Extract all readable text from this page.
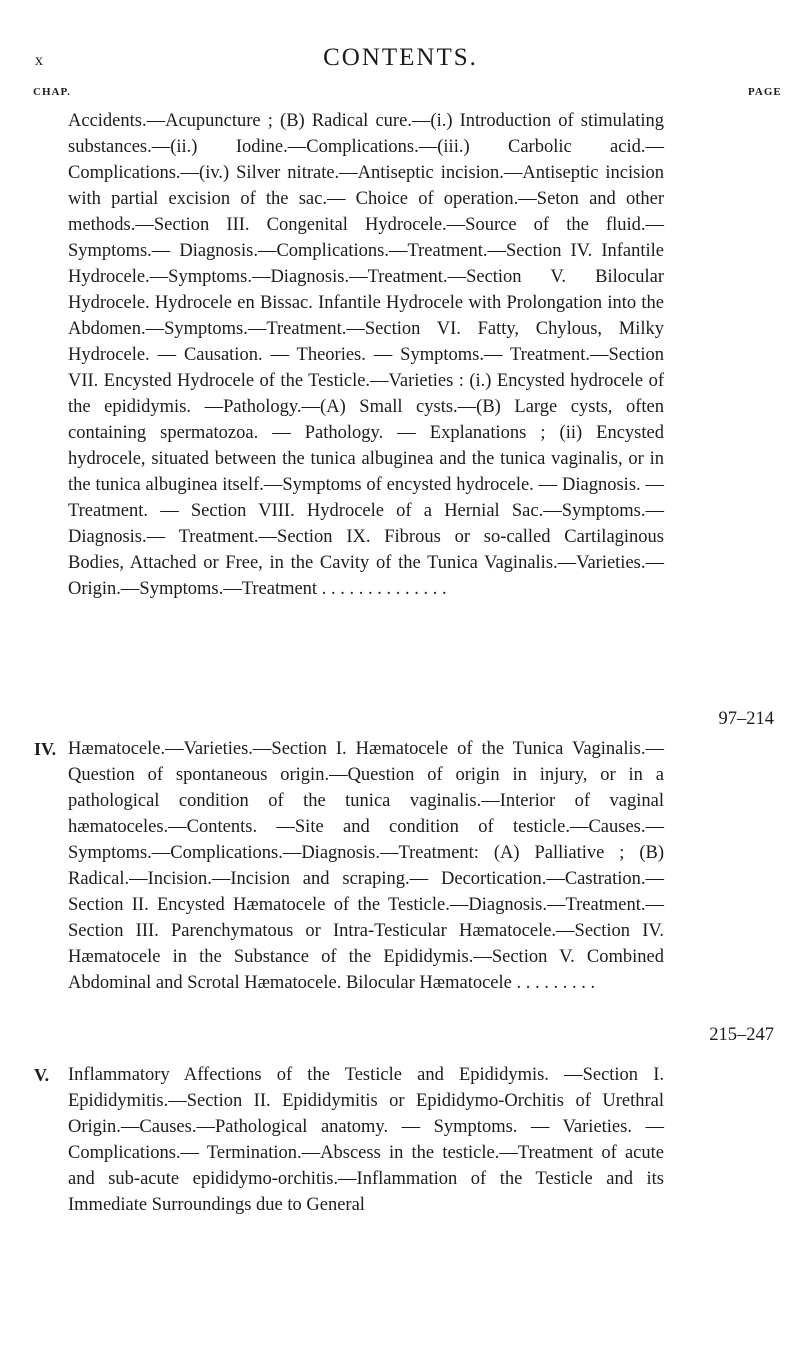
x	CONTENTS.
CHAP.	PAGE
Accidents.—Acupuncture ; (B) Radical cure.—(i.) Introduction of stimulating substances.—(ii.) Iodine.—Complications.—(iii.) Carbolic acid.—Complications.—(iv.) Silver nitrate.—Antiseptic incision.—Antiseptic incision with partial excision of the sac.— Choice of operation.—Seton and other methods.—Section III. Congenital Hydrocele.—Source of the fluid.—Symptoms.— Diagnosis.—Complications.—Treatment.—Section IV. Infantile Hydrocele.—Symptoms.—Diagnosis.—Treatment.—Section V. Bilocular Hydrocele. Hydrocele en Bissac. Infantile Hydrocele with Prolongation into the Abdomen.—Symptoms.—Treatment.—Section VI. Fatty, Chylous, Milky Hydrocele. — Causation. — Theories. — Symptoms.— Treatment.—Section VII. Encysted Hydrocele of the Testicle.—Varieties : (i.) Encysted hydrocele of the epididymis. —Pathology.—(A) Small cysts.—(B) Large cysts, often containing spermatozoa. — Pathology. — Explanations ; (ii) Encysted hydrocele, situated between the tunica albuginea and the tunica vaginalis, or in the tunica albuginea itself.—Symptoms of encysted hydrocele. — Diagnosis. — Treatment. — Section VIII. Hydrocele of a Hernial Sac.—Symptoms.—Diagnosis.— Treatment.—Section IX. Fibrous or so-called Cartilaginous Bodies, Attached or Free, in the Cavity of the Tunica Vaginalis.—Varieties.—Origin.—Symptoms.—Treatment . . . . . . . . . . . . . .
97–214
IV. Hæmatocele.—Varieties.—Section I. Hæmatocele of the Tunica Vaginalis.—Question of spontaneous origin.—Question of origin in injury, or in a pathological condition of the tunica vaginalis.—Interior of vaginal hæmatoceles.—Contents. —Site and condition of testicle.—Causes.—Symptoms.—Complications.—Diagnosis.—Treatment: (A) Palliative ; (B) Radical.—Incision.—Incision and scraping.— Decortication.—Castration.—Section II. Encysted Hæmatocele of the Testicle.—Diagnosis.—Treatment.—Section III. Parenchymatous or Intra-Testicular Hæmatocele.—Section IV. Hæmatocele in the Substance of the Epididymis.—Section V. Combined Abdominal and Scrotal Hæmatocele. Bilocular Hæmatocele . . . . . . . . .
215–247
V. Inflammatory Affections of the Testicle and Epididymis. —Section I. Epididymitis.—Section II. Epididymitis or Epididymo-Orchitis of Urethral Origin.—Causes.—Pathological anatomy. — Symptoms. — Varieties. — Complications.— Termination.—Abscess in the testicle.—Treatment of acute and sub-acute epididymo-orchitis.—Inflammation of the Testicle and its Immediate Surroundings due to General
